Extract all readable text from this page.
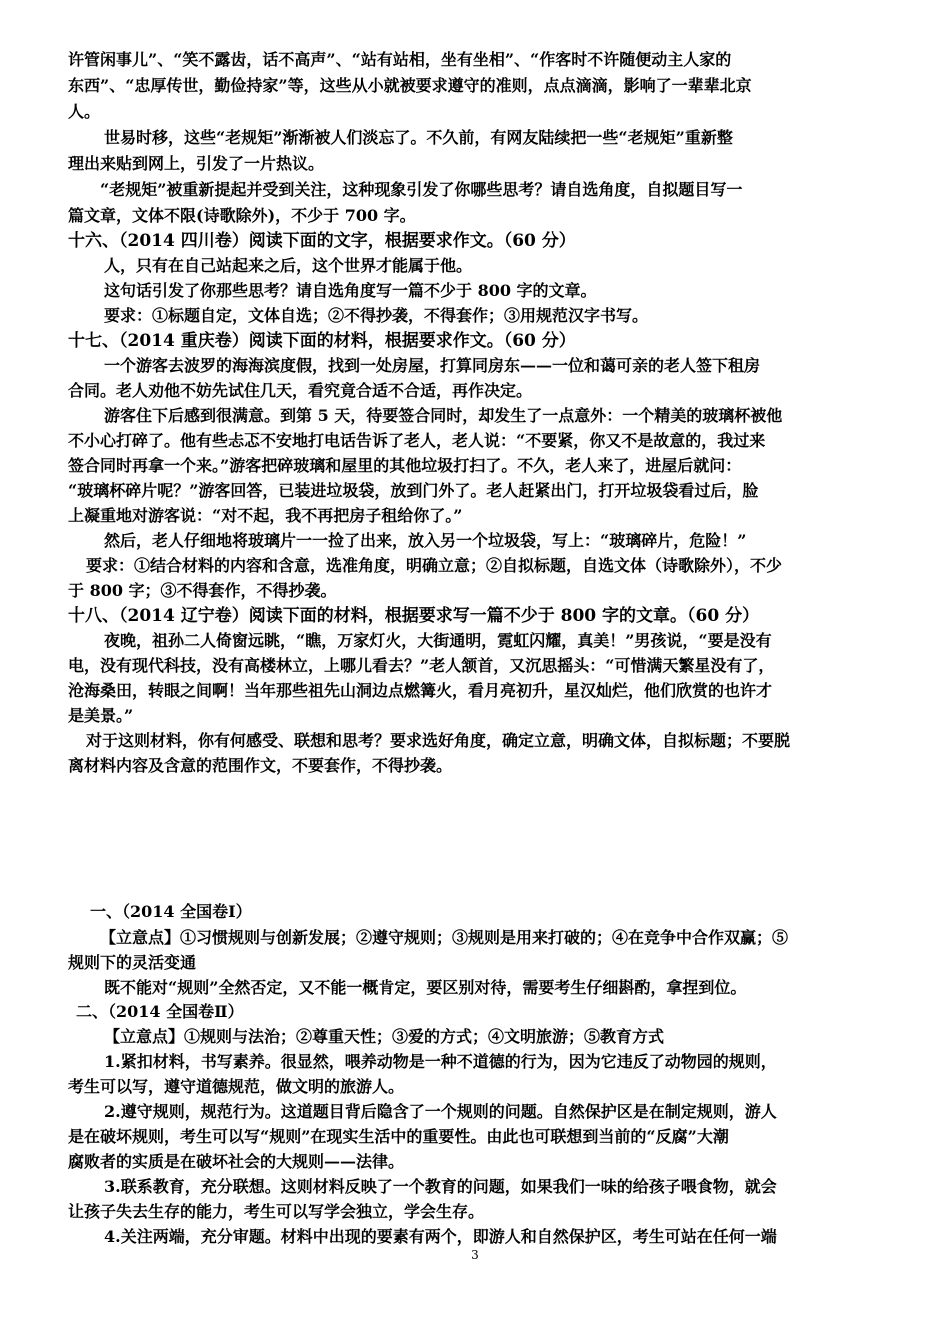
许管闲事儿”、“笑不露齿，话不高声”、“站有站相，坐有坐相”、“作客时不许随便动主人家的
东西”、“忠厚传世，勤俭持家”等，这些从小就被要求遵守的准则，点点滴滴，影响了一辈辈北京
人。
世易时移，这些“老规矩”渐渐被人们淡忘了。不久前，有网友陆续把一些“老规矩”重新整
理出来贴到网上，引发了一片热议。
“老规矩”被重新提起并受到关注，这种现象引发了你哪些思考？请自选角度，自拟题目写一
篇文章，文体不限(诗歌除外)，不少于 700 字。
十六、（2014 四川卷）阅读下面的文字，根据要求作文。（60 分）
人，只有在自己站起来之后，这个世界才能属于他。
这句话引发了你那些思考？请自选角度写一篇不少于 800 字的文章。
要求：①标题自定，文体自选；②不得抄袭，不得套作；③用规范汉字书写。
十七、（2014 重庆卷）阅读下面的材料，根据要求作文。（60 分）
一个游客去波罗的海海滨度假，找到一处房屋，打算同房东——一位和蔼可亲的老人签下租房
合同。老人劝他不妨先试住几天，看究竟合适不合适，再作决定。
游客住下后感到很满意。到第 5 天，待要签合同时，却发生了一点意外：一个精美的玻璃杯被他
不小心打碎了。他有些忐忑不安地打电话告诉了老人，老人说：“不要紧，你又不是故意的，我过来
签合同时再拿一个来。”游客把碎玻璃和屋里的其他垃圾打扫了。不久，老人来了，进屋后就问：
“玻璃杯碎片呢？”游客回答，已装进垃圾袋，放到门外了。老人赶紧出门，打开垃圾袋看过后，脸
上凝重地对游客说：“对不起，我不再把房子租给你了。”
然后，老人仔细地将玻璃片一一捡了出来，放入另一个垃圾袋，写上：“玻璃碎片，危险！”
要求：①结合材料的内容和含意，选准角度，明确立意；②自拟标题，自选文体（诗歌除外），不少
于 800 字；③不得套作，不得抄袭。
十八、（2014 辽宁卷）阅读下面的材料，根据要求写一篇不少于 800 字的文章。（60 分）
夜晚，祖孙二人倚窗远眺，“瞧，万家灯火，大街通明，霓虹闪耀，真美！”男孩说，“要是没有
电，没有现代科技，没有高楼林立，上哪儿看去？”老人颔首，又沉思摇头：“可惜满天繁星没有了，
沧海桑田，转眼之间啊！当年那些祖先山洞边点燃篝火，看月亮初升，星汉灿烂，他们欣赏的也许才
是美景。”
对于这则材料，你有何感受、联想和思考？要求选好角度，确定立意，明确文体，自拟标题；不要脱
离材料内容及含意的范围作文，不要套作，不得抄袭。
一、（2014 全国卷Ⅰ）
【立意点】①习惯规则与创新发展；②遵守规则；③规则是用来打破的；④在竞争中合作双赢；⑤
规则下的灵活变通
既不能对“规则”全然否定，又不能一概肯定，要区别对待，需要考生仔细斟酌，拿捏到位。
二、（2014 全国卷Ⅱ）
【立意点】①规则与法治；②尊重天性；③爱的方式；④文明旅游；⑤教育方式
1.紧扣材料，书写素养。很显然，喂养动物是一种不道德的行为，因为它违反了动物园的规则，
考生可以写，遵守道德规范，做文明的旅游人。
2.遵守规则，规范行为。这道题目背后隐含了一个规则的问题。自然保护区是在制定规则，游人
是在破坏规则，考生可以写“规则”在现实生活中的重要性。由此也可联想到当前的“反腐”大潮
腐败者的实质是在破坏社会的大规则——法律。
3.联系教育，充分联想。这则材料反映了一个教育的问题，如果我们一味的给孩子喂食物，就会
让孩子失去生存的能力，考生可以写学会独立，学会生存。
4.关注两端，充分审题。材料中出现的要素有两个，即游人和自然保护区，考生可站在任何一端
3
